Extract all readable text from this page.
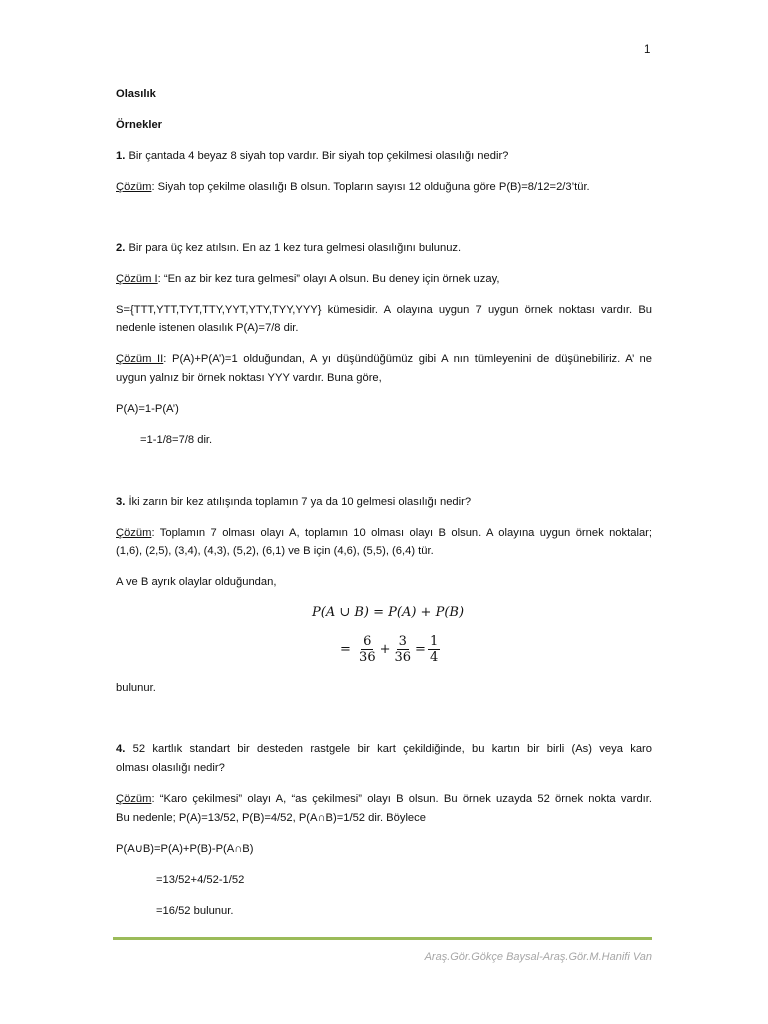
1
Olasılık
Örnekler
1. Bir çantada 4 beyaz 8 siyah top vardır. Bir siyah top çekilmesi olasılığı nedir?
Çözüm: Siyah top çekilme olasılığı B olsun. Topların sayısı 12 olduğuna göre P(B)=8/12=2/3’tür.
2. Bir para üç kez atılsın. En az 1 kez tura gelmesi olasılığını bulunuz.
Çözüm I: “En az bir kez tura gelmesi” olayı A olsun. Bu deney için örnek uzay,
S={TTT,YTT,TYT,TTY,YYT,YTY,TYY,YYY} kümesidir. A olayına uygun 7 uygun örnek noktası vardır. Bu
nedenle istenen olasılık P(A)=7/8 dir.
Çözüm II: P(A)+P(A’)=1 olduğundan, A yı düşündüğümüz gibi A nın tümleyenini de düşünebiliriz. A’ ne
uygun yalnız bir örnek noktası YYY vardır. Buna göre,
P(A)=1-P(A’)
=1-1/8=7/8 dir.
3. İki zarın bir kez atılışında toplamın 7 ya da 10 gelmesi olasılığı nedir?
Çözüm: Toplamın 7 olması olayı A, toplamın 10 olması olayı B olsun. A olayına uygun örnek noktalar;
(1,6), (2,5), (3,4), (4,3), (5,2), (6,1) ve B için (4,6), (5,5), (6,4) tür.
A ve B ayrık olaylar olduğundan,
bulunur.
4. 52 kartlık standart bir desteden rastgele bir kart çekildiğinde, bu kartın bir birli (As) veya karo
olması olasılığı nedir?
Çözüm: “Karo çekilmesi” olayı A, “as çekilmesi” olayı B olsun. Bu örnek uzayda 52 örnek nokta vardır.
Bu nedenle; P(A)=13/52, P(B)=4/52, P(A∩B)=1/52 dir. Böylece
P(A∪B)=P(A)+P(B)-P(A∩B)
=13/52+4/52-1/52
=16/52 bulunur.
P(A ∪ B) = P(A) + P(B)
= $\frac{6}{36} + \frac{3}{36} = \frac{1}{4}$
Araş.Gör.Gökçe Baysal-Araş.Gör.M.Hanifi Van
